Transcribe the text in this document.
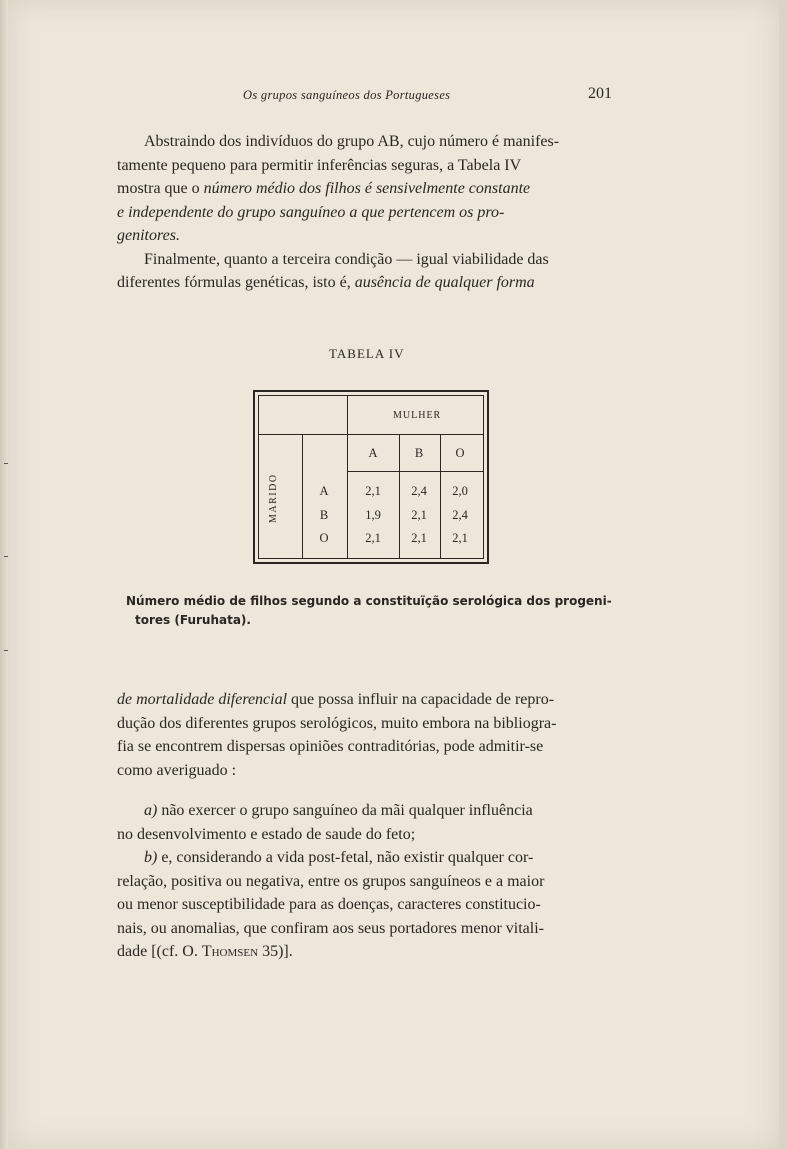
Os grupos sanguíneos dos Portugueses	201
Abstraindo dos indivíduos do grupo AB, cujo número é manifes-
tamente pequeno para permitir inferências seguras, a Tabela IV
mostra que o número médio dos filhos é sensivelmente constante
e independente do grupo sanguíneo a que pertencem os pro-
genitores.
Finalmente, quanto a terceira condição — igual viabilidade das
diferentes fórmulas genéticas, isto é, ausência de qualquer forma
TABELA IV
MULHER
MARIDO
A	B	O
A	2,1	2,4	2,0
B	1,9	2,1	2,4
O	2,1	2,1	2,1
Número médio de filhos segundo a constituïção serológica dos progeni-
tores (Furuhata).
de mortalidade diferencial que possa influir na capacidade de repro-
dução dos diferentes grupos serológicos, muito embora na bibliogra-
fia se encontrem dispersas opiniões contraditórias, pode admitir-se
como averiguado :
a) não exercer o grupo sanguíneo da mãi qualquer influência
no desenvolvimento e estado de saude do feto;
b) e, considerando a vida post-fetal, não existir qualquer cor-
relação, positiva ou negativa, entre os grupos sanguíneos e a maior
ou menor susceptibilidade para as doenças, caracteres constitucio-
nais, ou anomalias, que confiram aos seus portadores menor vitali-
dade [(cf. O. Thomsen 35)].
